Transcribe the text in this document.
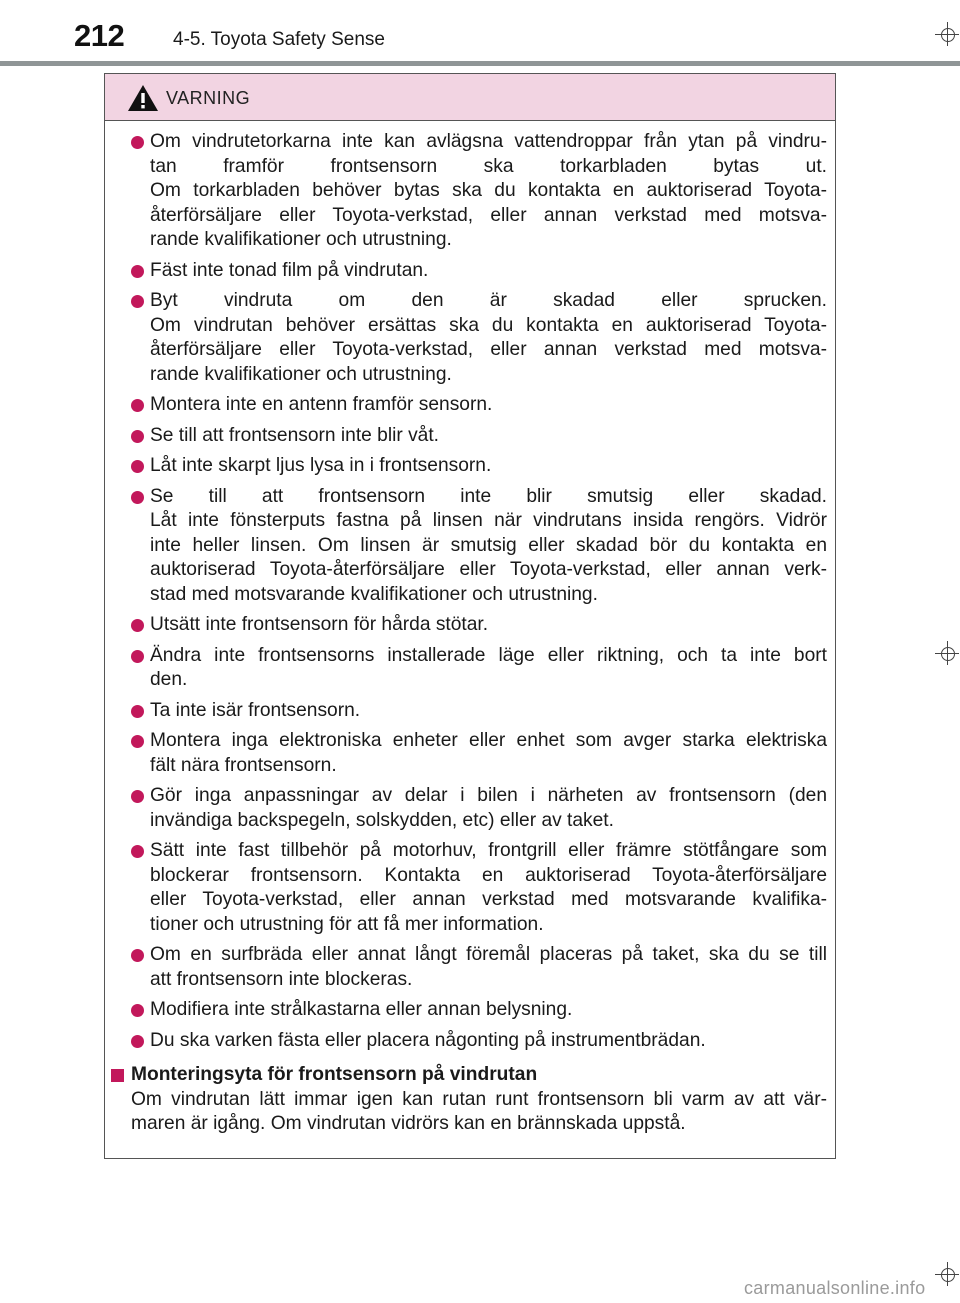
212	4-5. Toyota Safety Sense
VARNING
Om vindrutetorkarna inte kan avlägsna vattendroppar från ytan på vindru-
tan framför frontsensorn ska torkarbladen bytas ut.
Om torkarbladen behöver bytas ska du kontakta en auktoriserad Toyota-
återförsäljare eller Toyota-verkstad, eller annan verkstad med motsva-
rande kvalifikationer och utrustning.
Fäst inte tonad film på vindrutan.
Byt vindruta om den är skadad eller sprucken.
Om vindrutan behöver ersättas ska du kontakta en auktoriserad Toyota-
återförsäljare eller Toyota-verkstad, eller annan verkstad med motsva-
rande kvalifikationer och utrustning.
Montera inte en antenn framför sensorn.
Se till att frontsensorn inte blir våt.
Låt inte skarpt ljus lysa in i frontsensorn.
Se till att frontsensorn inte blir smutsig eller skadad.
Låt inte fönsterputs fastna på linsen när vindrutans insida rengörs. Vidrör
inte heller linsen. Om linsen är smutsig eller skadad bör du kontakta en
auktoriserad Toyota-återförsäljare eller Toyota-verkstad, eller annan verk-
stad med motsvarande kvalifikationer och utrustning.
Utsätt inte frontsensorn för hårda stötar.
Ändra inte frontsensorns installerade läge eller riktning, och ta inte bort
den.
Ta inte isär frontsensorn.
Montera inga elektroniska enheter eller enhet som avger starka elektriska
fält nära frontsensorn.
Gör inga anpassningar av delar i bilen i närheten av frontsensorn (den
invändiga backspegeln, solskydden, etc) eller av taket.
Sätt inte fast tillbehör på motorhuv, frontgrill eller främre stötfångare som
blockerar frontsensorn. Kontakta en auktoriserad Toyota-återförsäljare
eller Toyota-verkstad, eller annan verkstad med motsvarande kvalifika-
tioner och utrustning för att få mer information.
Om en surfbräda eller annat långt föremål placeras på taket, ska du se till
att frontsensorn inte blockeras.
Modifiera inte strålkastarna eller annan belysning.
Du ska varken fästa eller placera någonting på instrumentbrädan.
Monteringsyta för frontsensorn på vindrutan
Om vindrutan lätt immar igen kan rutan runt frontsensorn bli varm av att vär-
maren är igång. Om vindrutan vidrörs kan en brännskada uppstå.
carmanualsonline.info
